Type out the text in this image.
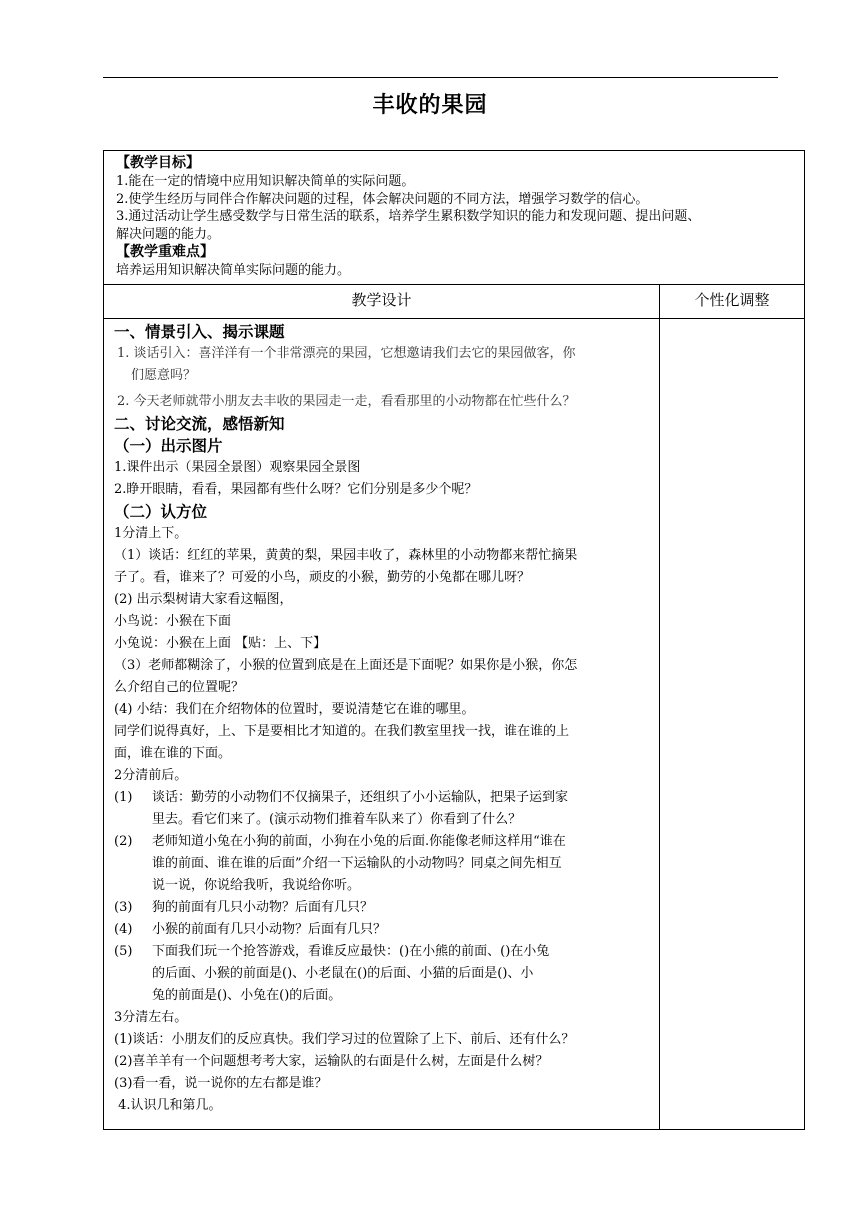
丰收的果园
【教学目标】
1.能在一定的情境中应用知识解决简单的实际问题。
2.使学生经历与同伴合作解决问题的过程，体会解决问题的不同方法，增强学习数学的信心。
3.通过活动让学生感受数学与日常生活的联系，培养学生累积数学知识的能力和发现问题、提出问题、
解决问题的能力。
【教学重难点】
培养运用知识解决简单实际问题的能力。
教学设计	个性化调整
一、情景引入、揭示课题
1. 谈话引入：喜洋洋有一个非常漂亮的果园，它想邀请我们去它的果园做客，你
们愿意吗？
2. 今天老师就带小朋友去丰收的果园走一走，看看那里的小动物都在忙些什么？
二、讨论交流，感悟新知
（一）出示图片
1.课件出示（果园全景图）观察果园全景图
2.睁开眼睛，看看，果园都有些什么呀？它们分别是多少个呢？
（二）认方位
1分清上下。
（1）谈话：红红的苹果，黄黄的梨，果园丰收了，森林里的小动物都来帮忙摘果
子了。看，谁来了？可爱的小鸟，顽皮的小猴，勤劳的小兔都在哪儿呀？
(2) 出示梨树请大家看这幅图，
小鸟说：小猴在下面
小兔说：小猴在上面 【贴：上、下】
（3）老师都糊涂了，小猴的位置到底是在上面还是下面呢？如果你是小猴，你怎
么介绍自己的位置呢？
(4) 小结：我们在介绍物体的位置时，要说清楚它在谁的哪里。
同学们说得真好，上、下是要相比才知道的。在我们教室里找一找，谁在谁的上
面，谁在谁的下面。
2分清前后。
(1)	谈话：勤劳的小动物们不仅摘果子，还组织了小小运输队，把果子运到家
里去。看它们来了。(演示动物们推着车队来了）你看到了什么？
(2)	老师知道小兔在小狗的前面，小狗在小兔的后面.你能像老师这样用“谁在
谁的前面、谁在谁的后面”介绍一下运输队的小动物吗？同桌之间先相互
说一说，你说给我听，我说给你听。
(3)	狗的前面有几只小动物？后面有几只？
(4)	小猴的前面有几只小动物？后面有几只？
(5)	下面我们玩一个抢答游戏，看谁反应最快：()在小熊的前面、()在小兔
的后面、小猴的前面是()、小老鼠在()的后面、小猫的后面是()、小
兔的前面是()、小兔在()的后面。
3分清左右。
(1)谈话：小朋友们的反应真快。我们学习过的位置除了上下、前后、还有什么？
(2)喜羊羊有一个问题想考考大家，运输队的右面是什么树，左面是什么树？
(3)看一看，说一说你的左右都是谁？
4.认识几和第几。
